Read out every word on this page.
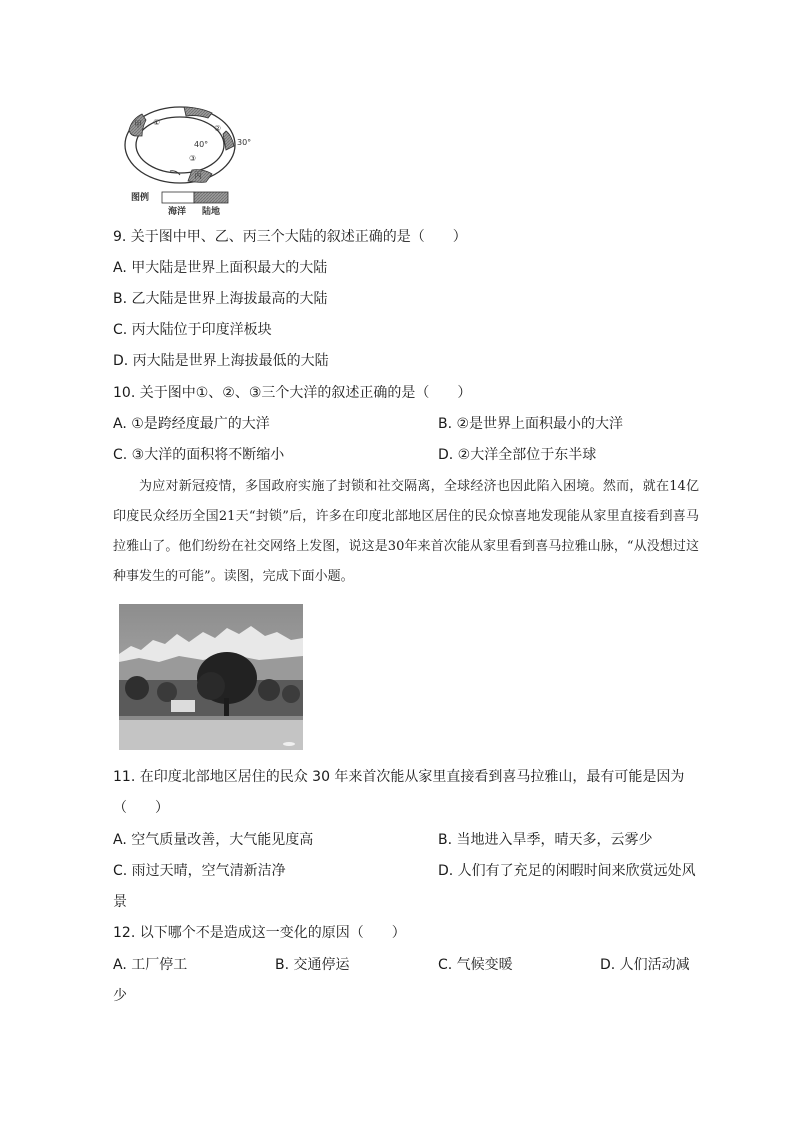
甲 ①
②
③
丙
40°	30°
图例
海洋 陆地
9. 关于图中甲、乙、丙三个大陆的叙述正确的是（　　）
A. 甲大陆是世界上面积最大的大陆
B. 乙大陆是世界上海拔最高的大陆
C. 丙大陆位于印度洋板块
D. 丙大陆是世界上海拔最低的大陆
10. 关于图中①、②、③三个大洋的叙述正确的是（　　）
A. ①是跨经度最广的大洋	B. ②是世界上面积最小的大洋
C. ③大洋的面积将不断缩小	D. ②大洋全部位于东半球
为应对新冠疫情，多国政府实施了封锁和社交隔离，全球经济也因此陷入困境。然而，就在14亿印度民众经历全国21天“封锁”后，许多在印度北部地区居住的民众惊喜地发现能从家里直接看到喜马拉雅山了。他们纷纷在社交网络上发图，说这是30年来首次能从家里看到喜马拉雅山脉，“从没想过这种事发生的可能”。读图，完成下面小题。
11. 在印度北部地区居住的民众 30 年来首次能从家里直接看到喜马拉雅山，最有可能是因为
（　　）
A. 空气质量改善，大气能见度高	B. 当地进入旱季，晴天多，云雾少
C. 雨过天晴，空气清新洁净	D. 人们有了充足的闲暇时间来欣赏远处风
景
12. 以下哪个不是造成这一变化的原因（　　）
A. 工厂停工	B. 交通停运	C. 气候变暖	D. 人们活动减
少
